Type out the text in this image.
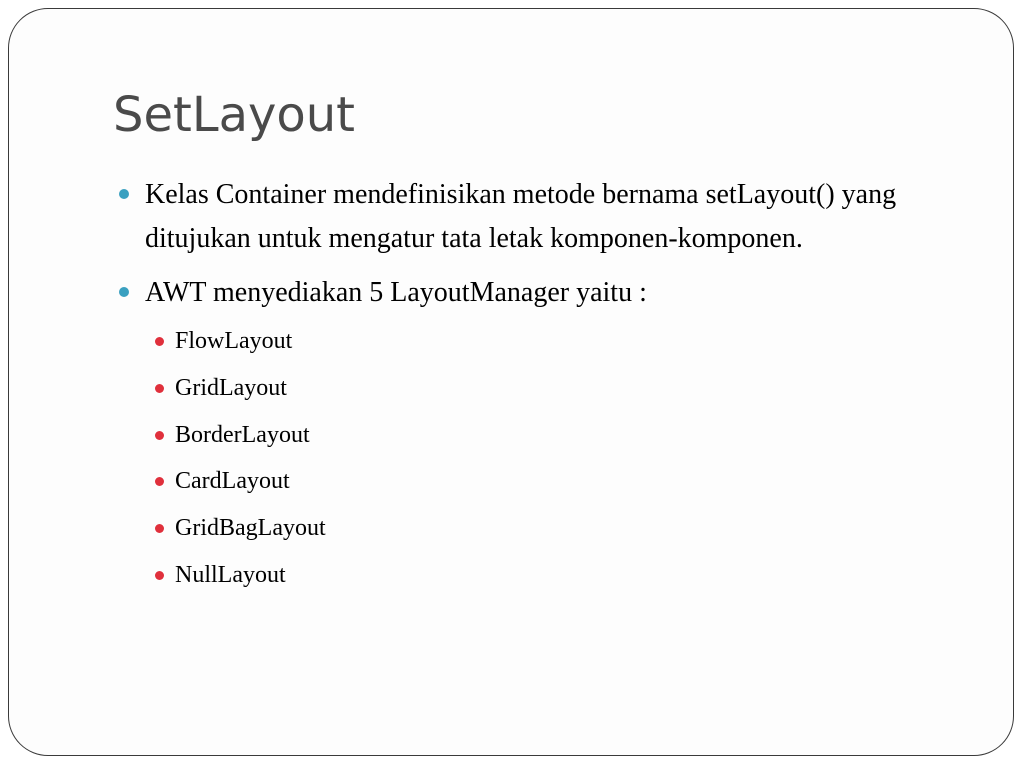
SetLayout
Kelas Container mendefinisikan metode bernama setLayout() yang ditujukan untuk mengatur tata letak komponen-komponen.
AWT menyediakan 5 LayoutManager yaitu :
FlowLayout
GridLayout
BorderLayout
CardLayout
GridBagLayout
NullLayout
